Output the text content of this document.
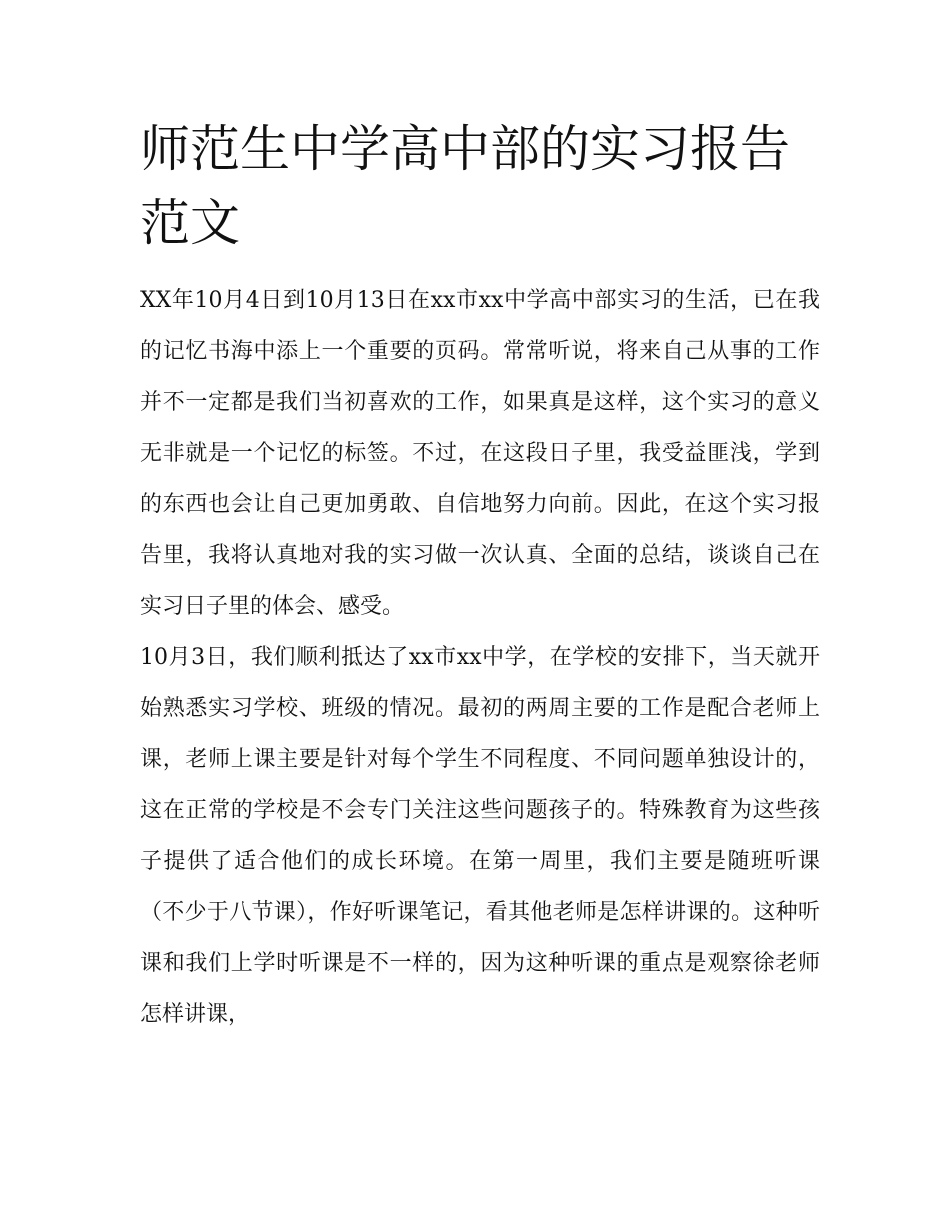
师范生中学高中部的实习报告范文

XX年10月4日到10月13日在xx市xx中学高中部实习的生活，已在我的记忆书海中添上一个重要的页码。常常听说，将来自己从事的工作并不一定都是我们当初喜欢的工作，如果真是这样，这个实习的意义无非就是一个记忆的标签。不过，在这段日子里，我受益匪浅，学到的东西也会让自己更加勇敢、自信地努力向前。因此，在这个实习报告里，我将认真地对我的实习做一次认真、全面的总结，谈谈自己在实习日子里的体会、感受。

10月3日，我们顺利抵达了xx市xx中学，在学校的安排下，当天就开始熟悉实习学校、班级的情况。最初的两周主要的工作是配合老师上课，老师上课主要是针对每个学生不同程度、不同问题单独设计的，这在正常的学校是不会专门关注这些问题孩子的。特殊教育为这些孩子提供了适合他们的成长环境。在第一周里，我们主要是随班听课（不少于八节课），作好听课笔记，看其他老师是怎样讲课的。这种听课和我们上学时听课是不一样的，因为这种听课的重点是观察徐老师怎样讲课，
